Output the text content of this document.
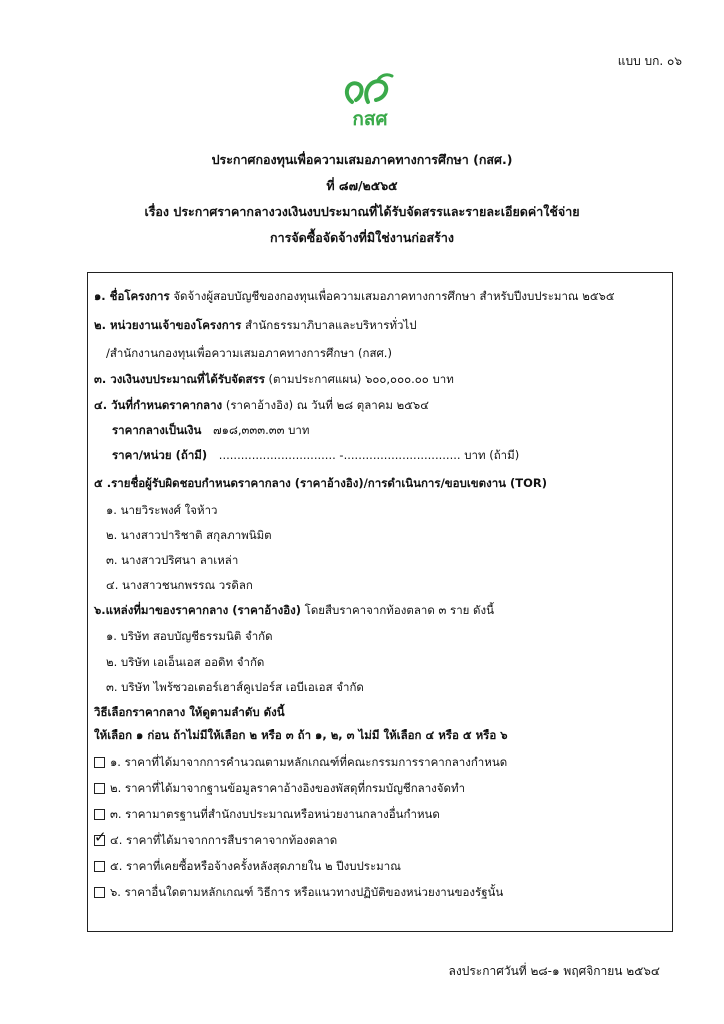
แบบ บก. ๐๖
กสศ
ประกาศกองทุนเพื่อความเสมอภาคทางการศึกษา (กสศ.)
ที่ ๘๗/๒๕๖๕
เรื่อง ประกาศราคากลางวงเงินงบประมาณที่ได้รับจัดสรรและรายละเอียดค่าใช้จ่าย
การจัดซื้อจัดจ้างที่มิใช่งานก่อสร้าง
๑. ชื่อโครงการ จัดจ้างผู้สอบบัญชีของกองทุนเพื่อความเสมอภาคทางการศึกษา สำหรับปีงบประมาณ ๒๕๖๕
๒. หน่วยงานเจ้าของโครงการ สำนักธรรมาภิบาลและบริหารทั่วไป
/สำนักงานกองทุนเพื่อความเสมอภาคทางการศึกษา (กสศ.)
๓. วงเงินงบประมาณที่ได้รับจัดสรร (ตามประกาศแผน) ๖๐๐,๐๐๐.๐๐ บาท
๔. วันที่กำหนดราคากลาง (ราคาอ้างอิง) ณ วันที่ ๒๘ ตุลาคม ๒๕๖๔
ราคากลางเป็นเงิน ๗๑๘,๓๓๓.๓๓ บาท
ราคา/หน่วย (ถ้ามี) ................................ -................................ บาท (ถ้ามี)
๕ .รายชื่อผู้รับผิดชอบกำหนดราคากลาง (ราคาอ้างอิง)/การดำเนินการ/ขอบเขตงาน (TOR)
๑. นายวิระพงศ์ ใจห้าว
๒. นางสาวปาริชาติ สกุลภาพนิมิต
๓. นางสาวปริศนา ลาเหล่า
๔. นางสาวชนกพรรณ วรดิลก
๖.แหล่งที่มาของราคากลาง (ราคาอ้างอิง) โดยสืบราคาจากท้องตลาด ๓ ราย ดังนี้
๑. บริษัท สอบบัญชีธรรมนิติ จำกัด
๒. บริษัท เอเอ็นเอส ออดิท จำกัด
๓. บริษัท ไพร้ซวอเตอร์เฮาส์คูเปอร์ส เอบีเอเอส จำกัด
วิธีเลือกราคากลาง ให้ดูตามลำดับ ดังนี้
ให้เลือก ๑ ก่อน ถ้าไม่มีให้เลือก ๒ หรือ ๓ ถ้า ๑, ๒, ๓ ไม่มี ให้เลือก ๔ หรือ ๕ หรือ ๖
๑. ราคาที่ได้มาจากการคำนวณตามหลักเกณฑ์ที่คณะกรรมการราคากลางกำหนด
๒. ราคาที่ได้มาจากฐานข้อมูลราคาอ้างอิงของพัสดุที่กรมบัญชีกลางจัดทำ
๓. ราคามาตรฐานที่สำนักงบประมาณหรือหน่วยงานกลางอื่นกำหนด
✓ ๔. ราคาที่ได้มาจากการสืบราคาจากท้องตลาด
๕. ราคาที่เคยซื้อหรือจ้างครั้งหลังสุดภายใน ๒ ปีงบประมาณ
๖. ราคาอื่นใดตามหลักเกณฑ์ วิธีการ หรือแนวทางปฏิบัติของหน่วยงานของรัฐนั้น
ลงประกาศวันที่ ๒๘-๑ พฤศจิกายน ๒๕๖๔
